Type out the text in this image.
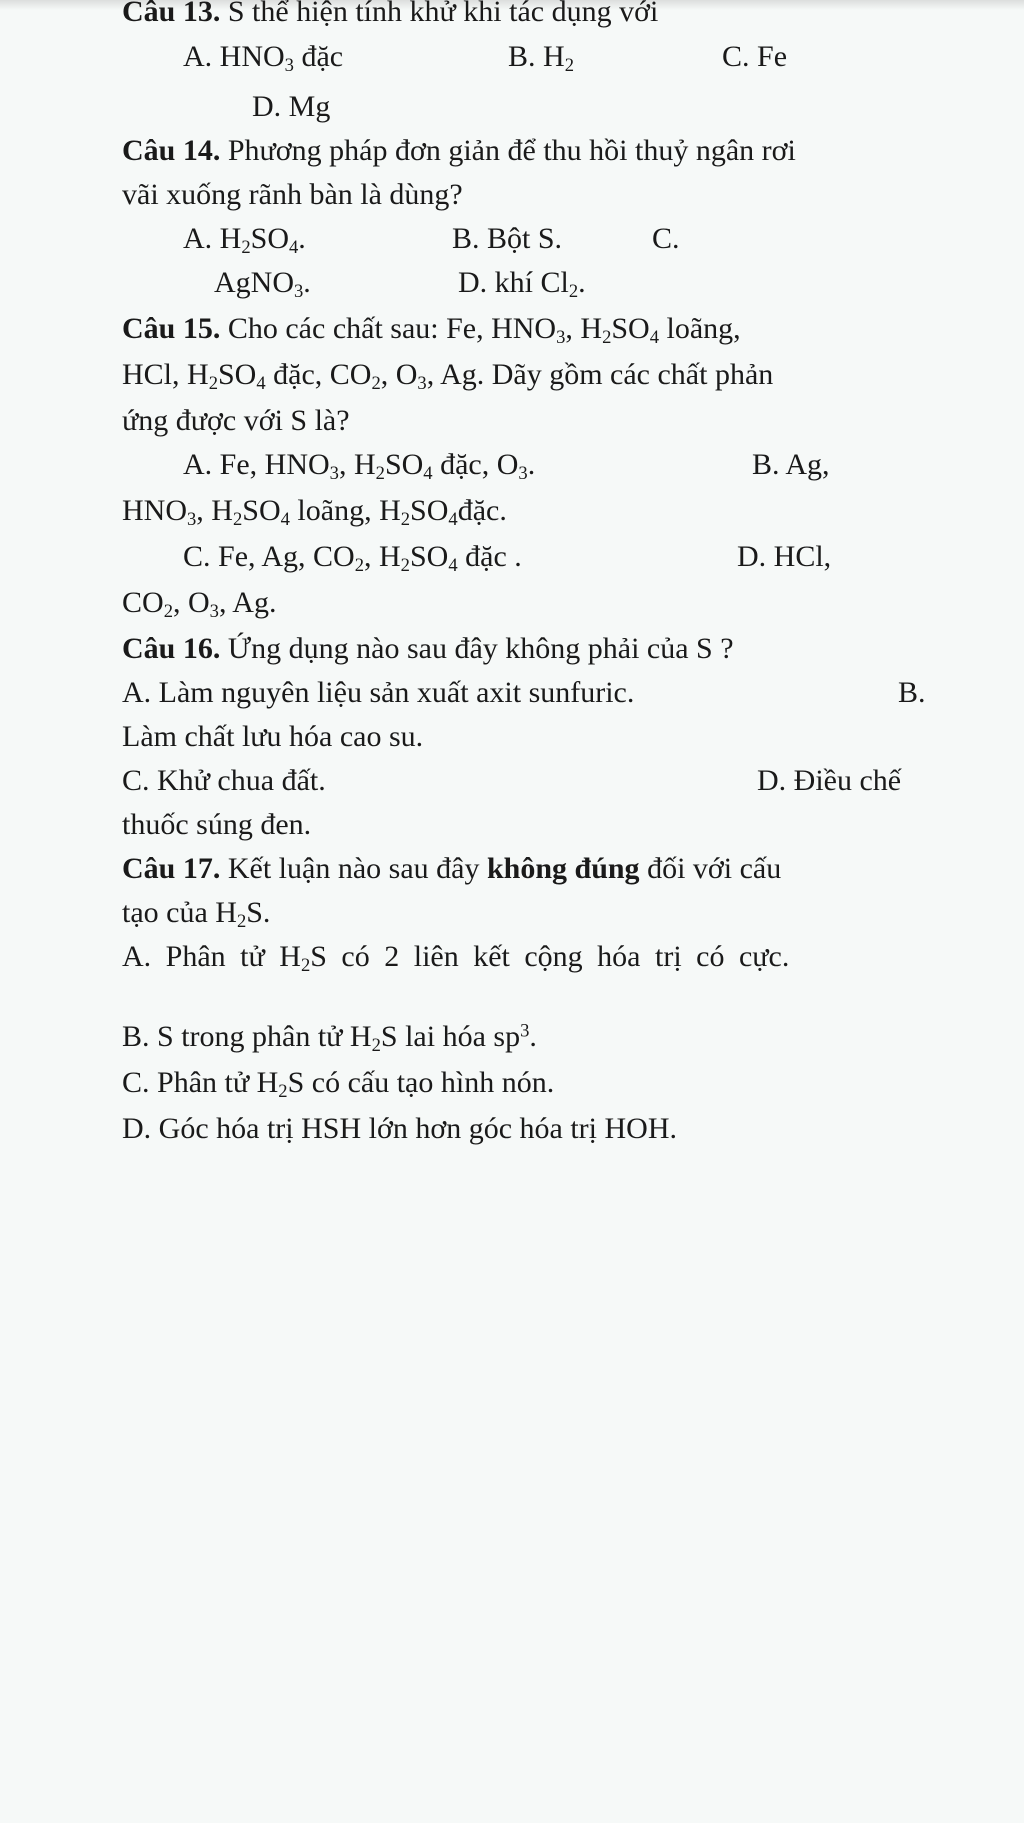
Câu 13. S thể hiện tính khử khi tác dụng với
A. $HNO_3$ đặc	B. $H_2$	C. Fe
D. Mg
Câu 14. Phương pháp đơn giản để thu hồi thuỷ ngân rơi
vãi xuống rãnh bàn là dùng?
A. $H_2SO_4$.	B. Bột S.	C.
AgNO$_3$.	D. khí $Cl_2$.
Câu 15. Cho các chất sau: Fe, $HNO_3$, $H_2SO_4$ loãng,
HCl, $H_2SO_4$ đặc, $CO_2$, $O_3$, Ag. Dãy gồm các chất phản
ứng được với S là?
A. Fe, $HNO_3$, $H_2SO_4$ đặc, $O_3$.	B. Ag,
$HNO_3$, $H_2SO_4$ loãng, $H_2SO_4đặc$.
C. Fe, Ag, $CO_2$, $H_2SO_4$ đặc .	D. HCl,
$CO_2$, $O_3$, Ag.
Câu 16. Ứng dụng nào sau đây không phải của S ?
A. Làm nguyên liệu sản xuất axit sunfuric.	B.
Làm chất lưu hóa cao su.
C. Khử chua đất.	D. Điều chế
thuốc súng đen.
Câu 17. Kết luận nào sau đây không đúng đối với cấu
tạo của $H_2S$.
A. Phân tử $H_2S$ có 2 liên kết cộng hóa trị có cực.
B. S trong phân tử $H_2S$ lai hóa $sp^3$.
C. Phân tử $H_2S$ có cấu tạo hình nón.
D. Góc hóa trị HSH lớn hơn góc hóa trị HOH.
